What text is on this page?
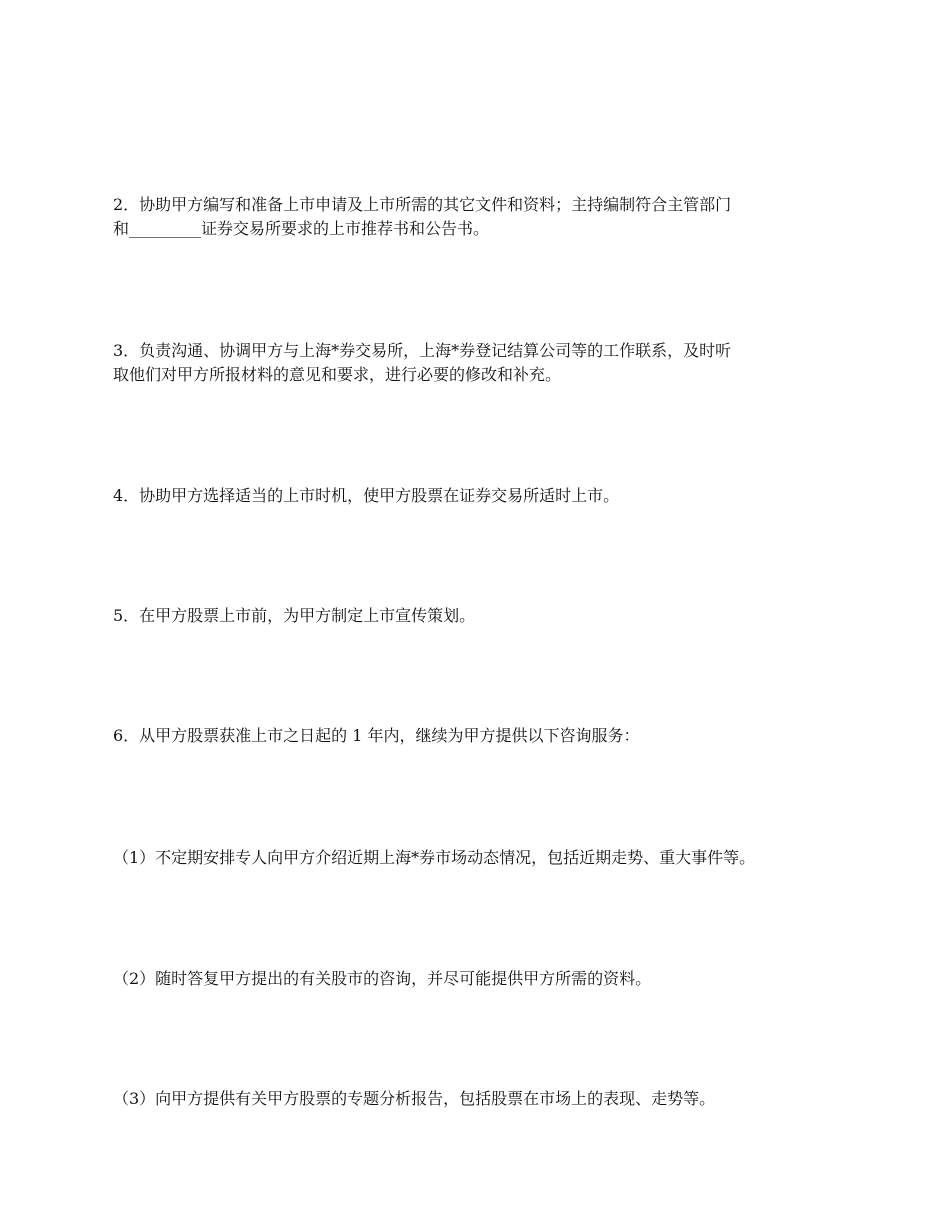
2．协助甲方编写和准备上市申请及上市所需的其它文件和资料；主持编制符合主管部门
和_________证券交易所要求的上市推荐书和公告书。

3．负责沟通、协调甲方与上海*券交易所，上海*券登记结算公司等的工作联系，及时听
取他们对甲方所报材料的意见和要求，进行必要的修改和补充。

4．协助甲方选择适当的上市时机，使甲方股票在证券交易所适时上市。

5．在甲方股票上市前，为甲方制定上市宣传策划。

6．从甲方股票获准上市之日起的 1 年内，继续为甲方提供以下咨询服务：

（1）不定期安排专人向甲方介绍近期上海*券市场动态情况，包括近期走势、重大事件等。

（2）随时答复甲方提出的有关股市的咨询，并尽可能提供甲方所需的资料。

（3）向甲方提供有关甲方股票的专题分析报告，包括股票在市场上的表现、走势等。
